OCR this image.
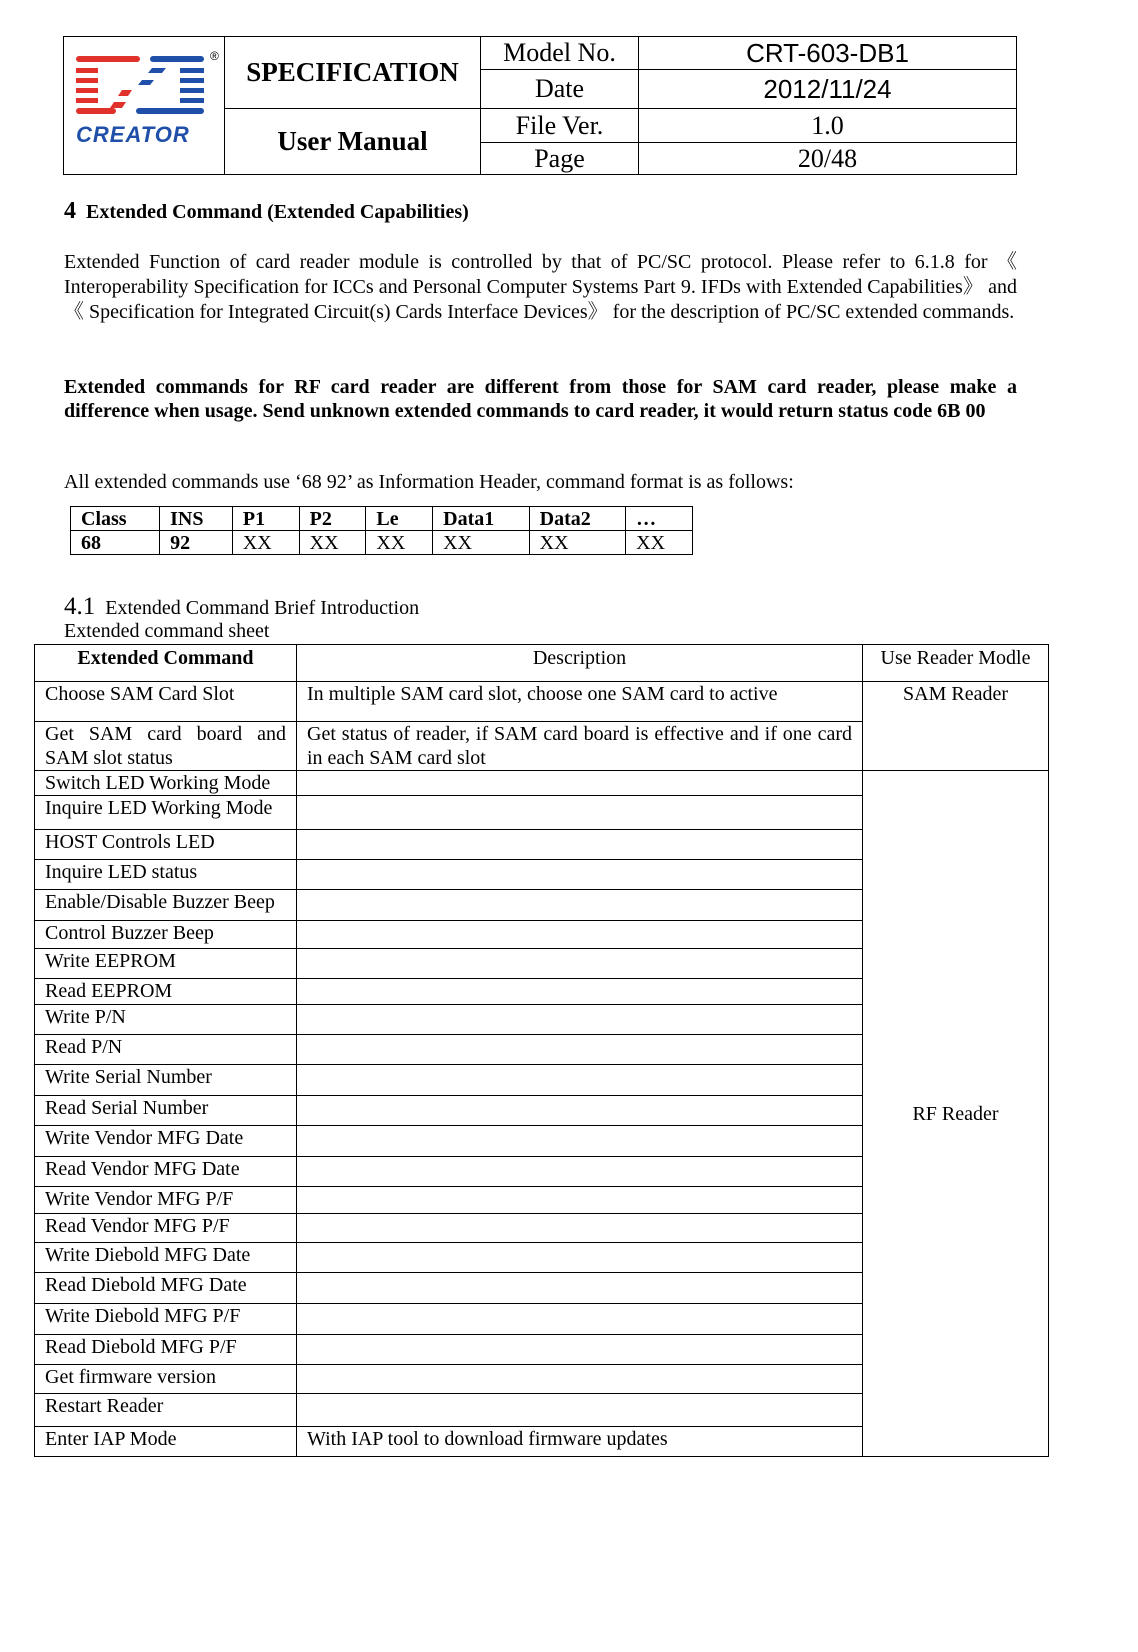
®
CREATOR	SPECIFICATION	Model No.	CRT-603-DB1
		Date	2012/11/24
	User Manual	File Ver.	1.0
		Page	20/48
4 Extended Command (Extended Capabilities)
Extended Function of card reader module is controlled by that of PC/SC protocol. Please refer to 6.1.8 for 《 Interoperability Specification for ICCs and Personal Computer Systems Part 9. IFDs with Extended Capabilities》 and《 Specification for Integrated Circuit(s) Cards Interface Devices》 for the description of PC/SC extended commands.
Extended commands for RF card reader are different from those for SAM card reader, please make a difference when usage. Send unknown extended commands to card reader, it would return status code 6B 00
All extended commands use ‘68 92’ as Information Header, command format is as follows:
Class	INS	P1	P2	Le	Data1	Data2	…
68	92	XX	XX	XX	XX	XX	XX
4.1 Extended Command Brief Introduction
Extended command sheet
Extended Command	Description	Use Reader Modle
Choose SAM Card Slot	In multiple SAM card slot, choose one SAM card to active	SAM Reader
Get SAM card board and SAM slot status	Get status of reader, if SAM card board is effective and if one card in each SAM card slot	
Switch LED Working Mode		RF Reader
Inquire LED Working Mode		
HOST Controls LED		
Inquire LED status		
Enable/Disable Buzzer Beep		
Control Buzzer Beep		
Write EEPROM		
Read EEPROM		
Write P/N		
Read P/N		
Write Serial Number		
Read Serial Number		
Write Vendor MFG Date		
Read Vendor MFG Date		
Write Vendor MFG P/F		
Read Vendor MFG P/F		
Write Diebold MFG Date		
Read Diebold MFG Date		
Write Diebold MFG P/F		
Read Diebold MFG P/F		
Get firmware version		
Restart Reader		
Enter IAP Mode	With IAP tool to download firmware updates	
